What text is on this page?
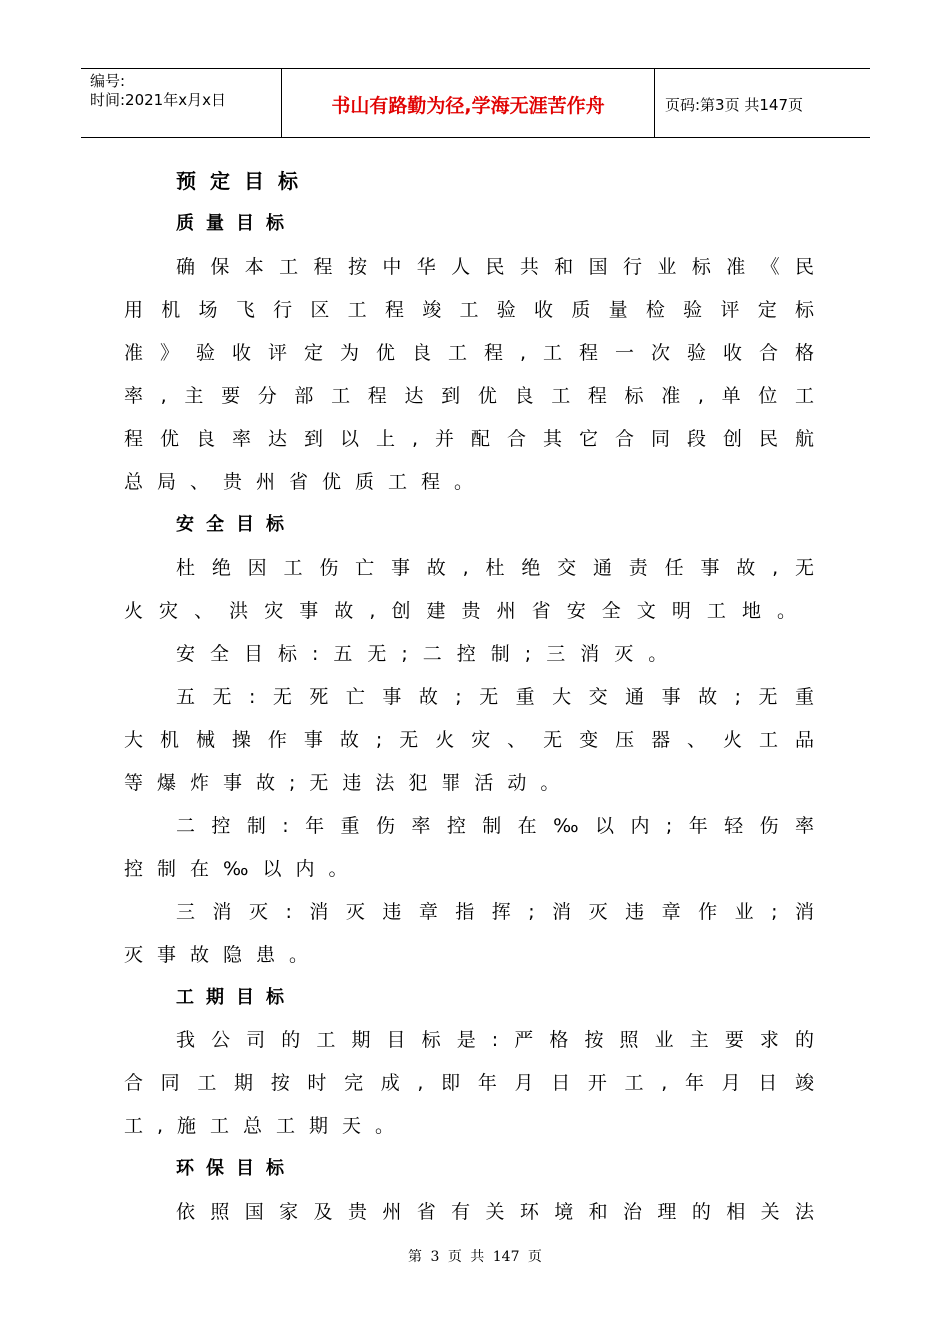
编号:
时间:2021年x月x日	书山有路勤为径,学海无涯苦作舟	页码:第3页 共147页
预定目标
质量目标
确保本工程按中华人民共和国行业标准《民
用机场飞行区工程竣工验收质量检验评定标
准》验收评定为优良工程,工程一次验收合格
率,主要分部工程达到优良工程标准,单位工
程优良率达到以上,并配合其它合同段创民航
总局、贵州省优质工程。
安全目标
杜绝因工伤亡事故,杜绝交通责任事故,无
火灾、洪灾事故,创建贵州省安全文明工地。
安全目标:五无;二控制;三消灭。
五无:无死亡事故;无重大交通事故;无重
大机械操作事故;无火灾、无变压器、火工品
等爆炸事故;无违法犯罪活动。
二控制:年重伤率控制在‰以内;年轻伤率
控制在‰以内。
三消灭:消灭违章指挥;消灭违章作业;消
灭事故隐患。
工期目标
我公司的工期目标是:严格按照业主要求的
合同工期按时完成,即年月日开工,年月日竣
工,施工总工期天。
环保目标
依照国家及贵州省有关环境和治理的相关法
第 3 页 共 147 页
